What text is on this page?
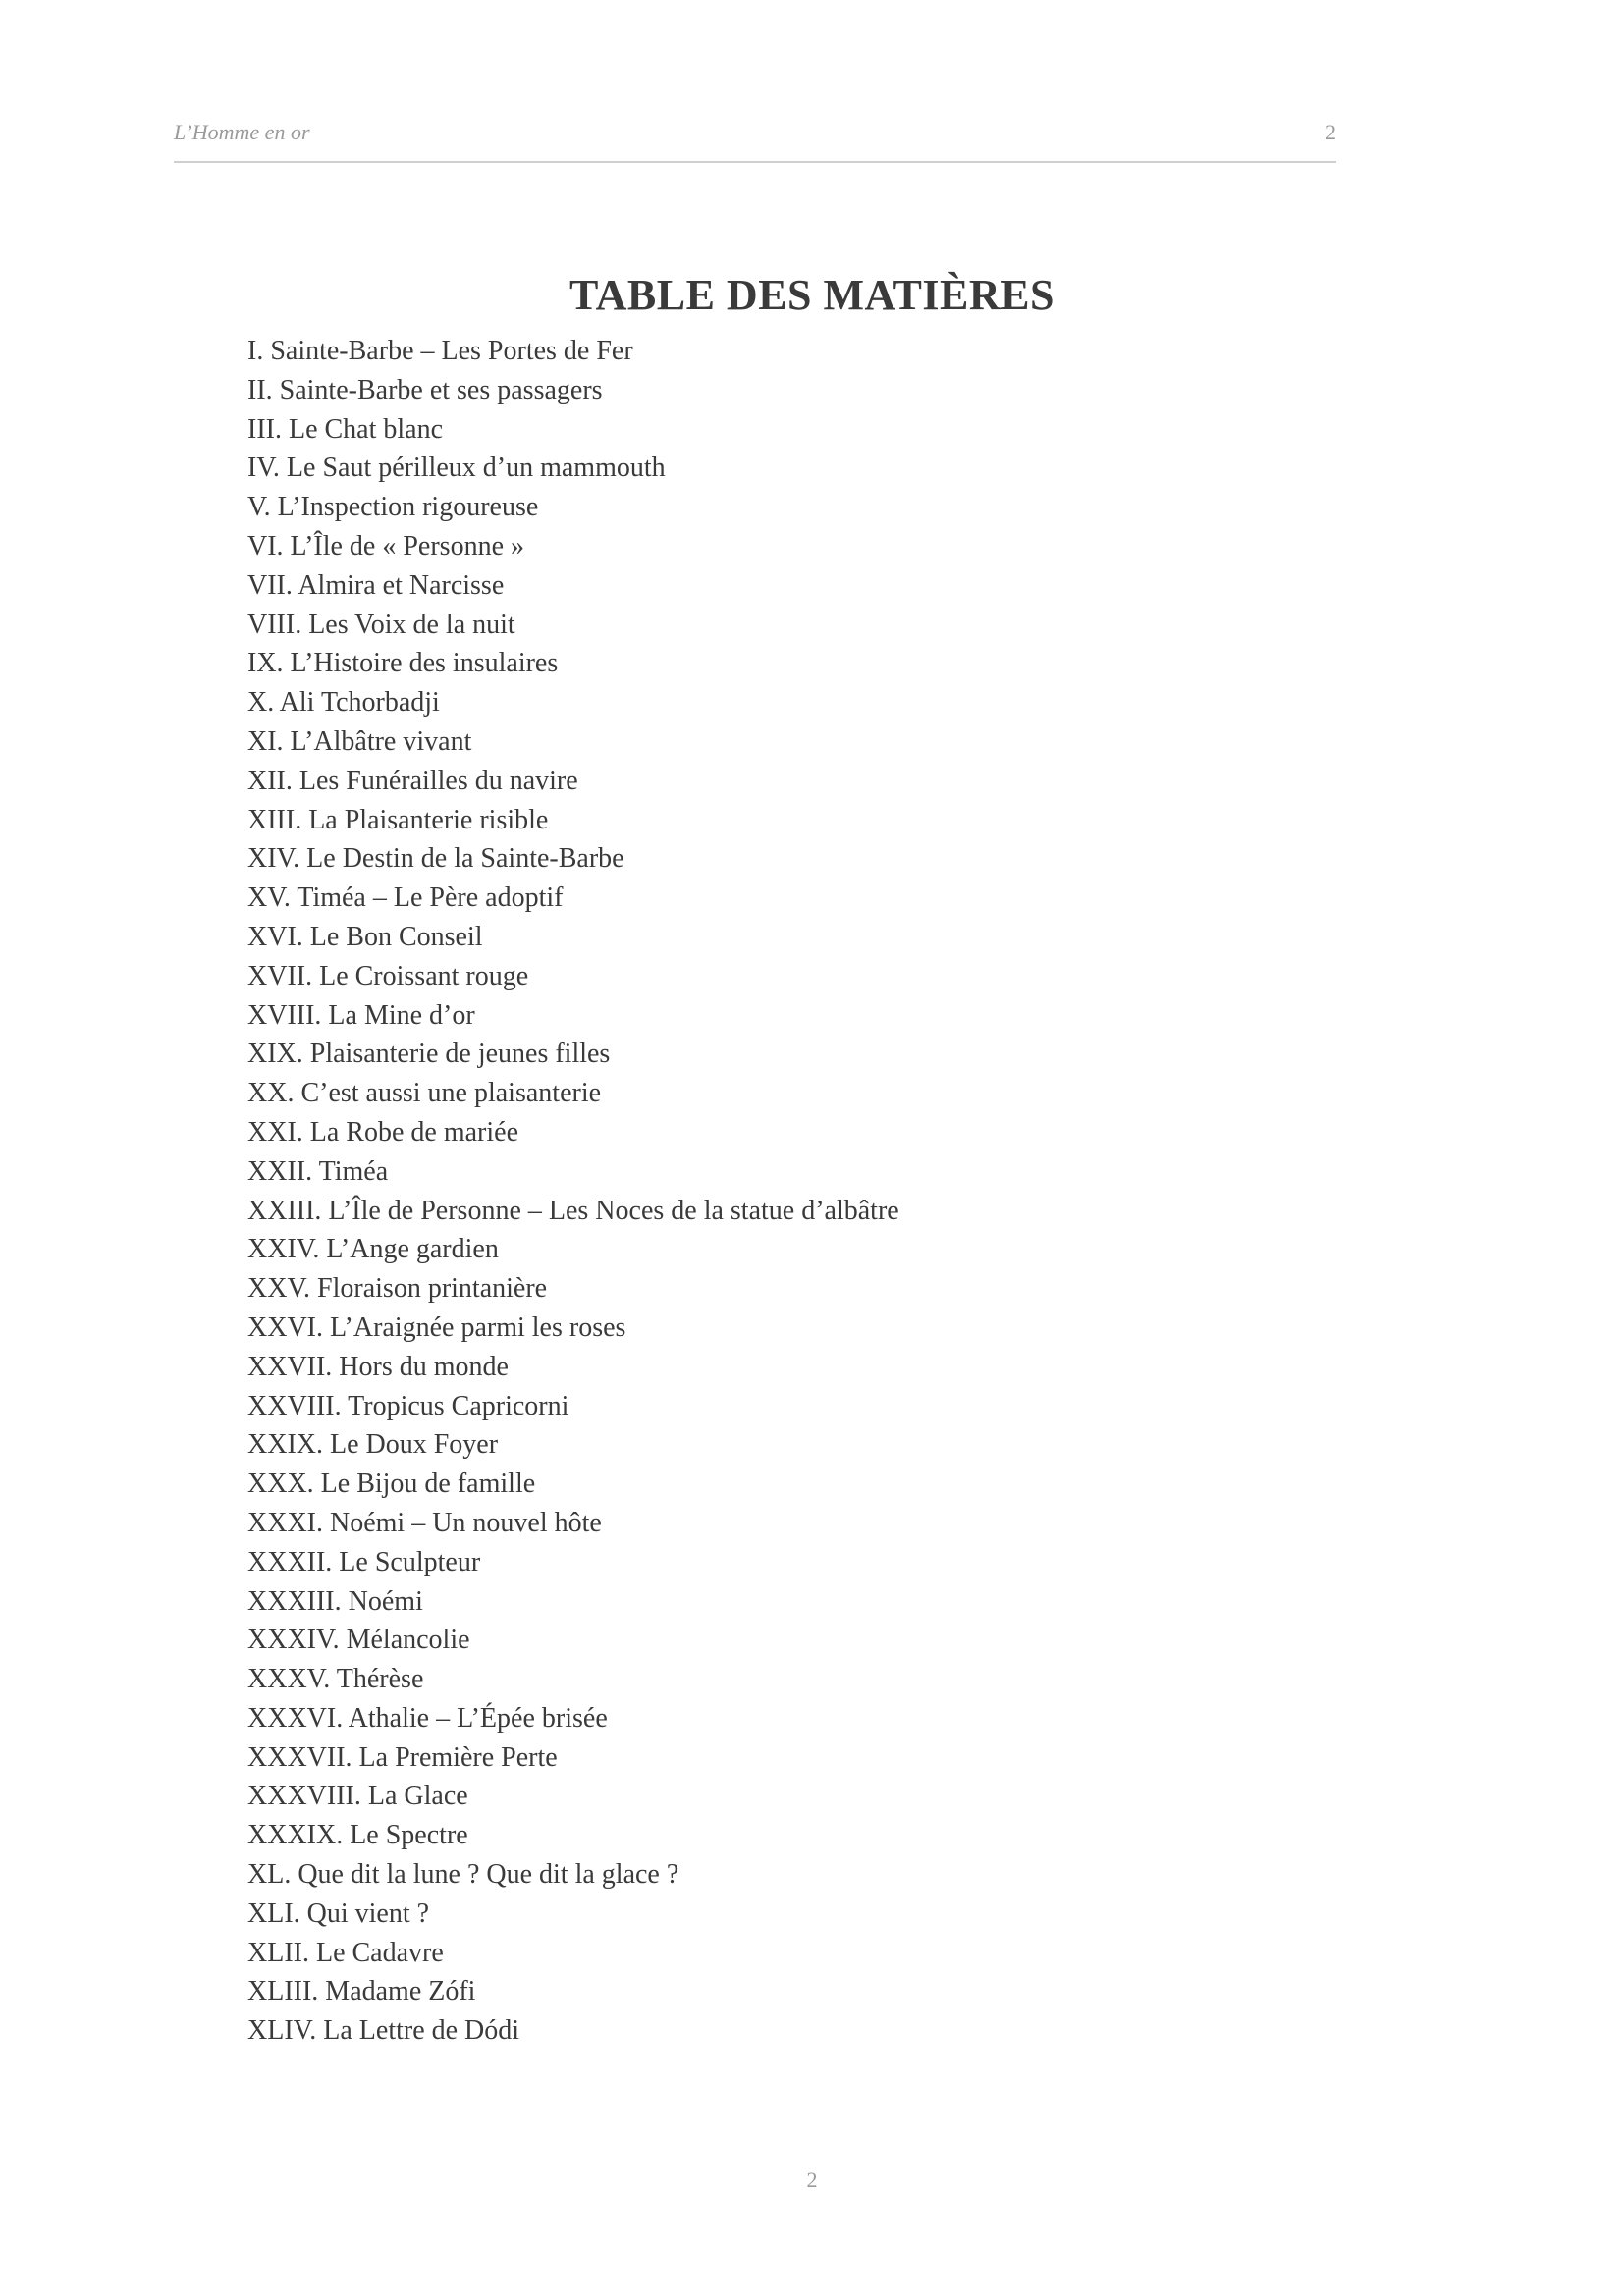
L’Homme en or	2
TABLE DES MATIÈRES
I. Sainte-Barbe – Les Portes de Fer
II. Sainte-Barbe et ses passagers
III. Le Chat blanc
IV. Le Saut périlleux d’un mammouth
V. L’Inspection rigoureuse
VI. L’Île de « Personne »
VII. Almira et Narcisse
VIII. Les Voix de la nuit
IX. L’Histoire des insulaires
X. Ali Tchorbadji
XI. L’Albâtre vivant
XII. Les Funérailles du navire
XIII. La Plaisanterie risible
XIV. Le Destin de la Sainte-Barbe
XV. Timéa – Le Père adoptif
XVI. Le Bon Conseil
XVII. Le Croissant rouge
XVIII. La Mine d’or
XIX. Plaisanterie de jeunes filles
XX. C’est aussi une plaisanterie
XXI. La Robe de mariée
XXII. Timéa
XXIII. L’Île de Personne – Les Noces de la statue d’albâtre
XXIV. L’Ange gardien
XXV. Floraison printanière
XXVI. L’Araignée parmi les roses
XXVII. Hors du monde
XXVIII. Tropicus Capricorni
XXIX. Le Doux Foyer
XXX. Le Bijou de famille
XXXI. Noémi – Un nouvel hôte
XXXII. Le Sculpteur
XXXIII. Noémi
XXXIV. Mélancolie
XXXV. Thérèse
XXXVI. Athalie – L’Épée brisée
XXXVII. La Première Perte
XXXVIII. La Glace
XXXIX. Le Spectre
XL. Que dit la lune ? Que dit la glace ?
XLI. Qui vient ?
XLII. Le Cadavre
XLIII. Madame Zófi
XLIV. La Lettre de Dódi
2
